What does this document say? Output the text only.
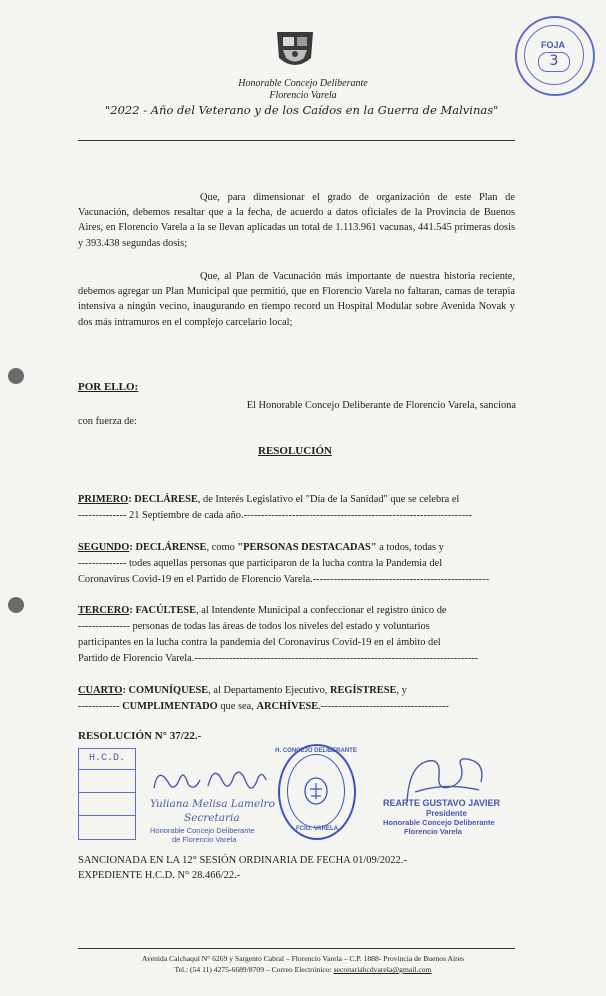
Honorable Concejo Deliberante
Florencio Varela
"2022 - Año del Veterano y de los Caídos en la Guerra de Malvinas"
FOJA
3
Que, para dimensionar el grado de organización de este Plan de Vacunación, debemos resaltar que a la fecha, de acuerdo a datos oficiales de la Provincia de Buenos Aires, en Florencio Varela a la se llevan aplicadas un total de 1.113.961 vacunas, 441.545 primeras dosis y 393.438 segundas dosis;
Que, al Plan de Vacunación más importante de nuestra historia reciente, debemos agregar un Plan Municipal que permitió, que en Florencio Varela no faltaran, camas de terapia intensiva a ningún vecino, inaugurando en tiempo record un Hospital Modular sobre Avenida Novak y dos más intramuros en el complejo carcelario local;
POR ELLO:
El Honorable Concejo Deliberante de Florencio Varela, sanciona
con fuerza de:
RESOLUCIÓN
PRIMERO: DECLÁRESE, de Interés Legislativo el "Día de la Sanidad" que se celebra el
-------------- 21 Septiembre de cada año.------------------------------------------------------------------
SEGUNDO: DECLÁRENSE, como "PERSONAS DESTACADAS" a todos, todas y
-------------- todes aquellas personas que participaron de la lucha contra la Pandemia del
Coronavirus Covid-19 en el Partido de Florencio Varela.---------------------------------------------------
TERCERO: FACÚLTESE, al Intendente Municipal a confeccionar el registro único de
--------------- personas de todas las áreas de todos los niveles del estado y voluntarios
participantes en la lucha contra la pandemia del Coronavirus Covid-19 en el ámbito del
Partido de Florencio Varela.----------------------------------------------------------------------------------
CUARTO: COMUNÍQUESE, al Departamento Ejecutivo, REGÍSTRESE, y
------------ CUMPLIMENTADO que sea, ARCHÍVESE.-------------------------------------
RESOLUCIÓN N° 37/22.-
H.C.D.
Yuliana Melisa Lamelro
Secretaria
Honorable Concejo Deliberante
de Florencio Varela
H. CONCEJO DELIBERANTE
FCIO. VARELA
REARTE GUSTAVO JAVIER
Presidente
Honorable Concejo Deliberante
Florencio Varela
SANCIONADA EN LA 12° SESIÓN ORDINARIA DE FECHA 01/09/2022.-
EXPEDIENTE H.C.D. N° 28.466/22.-
Avenida Calchaquí N° 6269 y Sargento Cabral – Florencio Varela – C.P. 1888- Provincia de Buenos Aires
Tel.: (54 11) 4275-6689/8709 – Correo Electrónico: secretariahcdvarela@gmail.com
